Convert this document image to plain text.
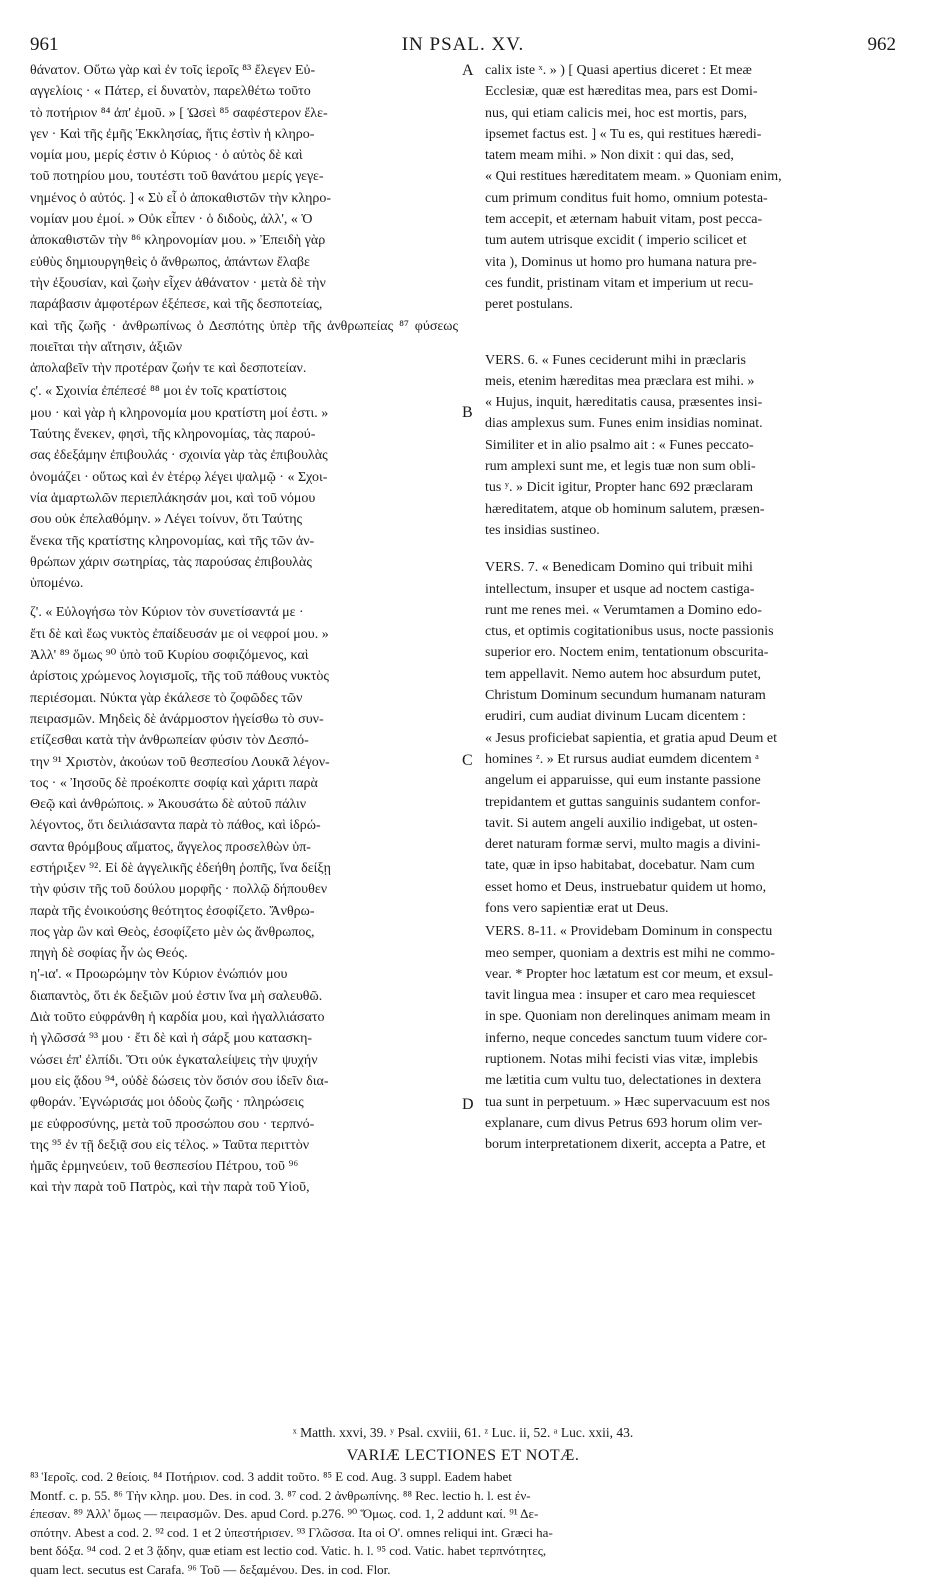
961	IN PSAL. XV.	962

θάνατον. Οὕτω γὰρ καὶ ἐν τοῖς ἱεροῖς ⁸³ ἔλεγεν Εὐ-
αγγελίοις · « Πάτερ, εἰ δυνατὸν, παρελθέτω τοῦτο
τὸ ποτήριον ⁸⁴ ἀπ' ἐμοῦ. » [ Ὡσεὶ ⁸⁵ σαφέστερον ἔλε-
γεν · Καὶ τῆς ἐμῆς Ἐκκλησίας, ἥτις ἐστὶν ἡ κληρο-
νομία μου, μερίς ἐστιν ὁ Κύριος · ὁ αὐτὸς δὲ καὶ
τοῦ ποτηρίου μου, τουτέστι τοῦ θανάτου μερίς γεγε-
νημένος ὁ αὐτός. ] « Σὺ εἶ ὁ ἀποκαθιστῶν τὴν κληρο-
νομίαν μου ἐμοί. » Οὐκ εἶπεν · ὁ διδοὺς, ἀλλ', « Ὁ
ἀποκαθιστῶν τὴν ⁸⁶ κληρονομίαν μου. » Ἐπειδὴ γὰρ
εὐθὺς δημιουργηθεὶς ὁ ἄνθρωπος, ἁπάντων ἔλαβε
τὴν ἐξουσίαν, καὶ ζωὴν εἶχεν ἀθάνατον · μετὰ δὲ τὴν
παράβασιν ἀμφοτέρων ἐξέπεσε, καὶ τῆς δεσποτείας,
καὶ τῆς ζωῆς · ἀνθρωπίνως ὁ Δεσπότης ὑπὲρ τῆς ἀνθρωπείας ⁸⁷ φύσεως ποιεῖται τὴν αἴτησιν, ἀξιῶν
ἀπολαβεῖν τὴν προτέραν ζωήν τε καὶ δεσποτείαν.

ς'. « Σχοινία ἐπέπεσέ ⁸⁸ μοι ἐν τοῖς κρατίστοις
μου · καὶ γὰρ ἡ κληρονομία μου κρατίστη μοί ἐστι. »
Ταύτης ἕνεκεν, φησὶ, τῆς κληρονομίας, τὰς παρού-
σας ἐδεξάμην ἐπιβουλάς · σχοινία γὰρ τὰς ἐπιβουλὰς
ὀνομάζει · οὕτως καὶ ἐν ἑτέρῳ λέγει ψαλμῷ · « Σχοι-
νία ἁμαρτωλῶν περιεπλάκησάν μοι, καὶ τοῦ νόμου
σου οὐκ ἐπελαθόμην. » Λέγει τοίνυν, ὅτι Ταύτης
ἕνεκα τῆς κρατίστης κληρονομίας, καὶ τῆς τῶν ἀν-
θρώπων χάριν σωτηρίας, τὰς παρούσας ἐπιβουλὰς
ὑπομένω.

ζ'. « Εὐλογήσω τὸν Κύριον τὸν συνετίσαντά με ·
ἔτι δὲ καὶ ἕως νυκτὸς ἐπαίδευσάν με οἱ νεφροί μου. »
Ἀλλ' ⁸⁹ ὅμως ⁹⁰ ὑπὸ τοῦ Κυρίου σοφιζόμενος, καὶ
ἀρίστοις χρώμενος λογισμοῖς, τῆς τοῦ πάθους νυκτὸς
περιέσομαι. Νύκτα γὰρ ἐκάλεσε τὸ ζοφῶδες τῶν
πειρασμῶν. Μηδεὶς δὲ ἀνάρμοστον ἡγείσθω τὸ συν-
ετίζεσθαι κατὰ τὴν ἀνθρωπείαν φύσιν τὸν Δεσπό-
την ⁹¹ Χριστὸν, ἀκούων τοῦ θεσπεσίου Λουκᾶ λέγον-
τος · « Ἰησοῦς δὲ προέκοπτε σοφίᾳ καὶ χάριτι παρὰ
Θεῷ καὶ ἀνθρώποις. » Ἀκουσάτω δὲ αὐτοῦ πάλιν
λέγοντος, ὅτι δειλιάσαντα παρὰ τὸ πάθος, καὶ ἱδρώ-
σαντα θρόμβους αἵματος, ἄγγελος προσελθὼν ὑπ-
εστήριξεν ⁹². Εἰ δὲ ἀγγελικῆς ἐδεήθη ῥοπῆς, ἵνα δείξῃ
τὴν φύσιν τῆς τοῦ δούλου μορφῆς · πολλῷ δήπουθεν
παρὰ τῆς ἐνοικούσης θεότητος ἐσοφίζετο. Ἄνθρω-
πος γὰρ ὢν καὶ Θεὸς, ἐσοφίζετο μὲν ὡς ἄνθρωπος,
πηγὴ δὲ σοφίας ἦν ὡς Θεός.

η'-ια'. « Προωρώμην τὸν Κύριον ἐνώπιόν μου
διαπαντὸς, ὅτι ἐκ δεξιῶν μού ἐστιν ἵνα μὴ σαλευθῶ.
Διὰ τοῦτο εὐφράνθη ἡ καρδία μου, καὶ ἠγαλλιάσατο
ἡ γλῶσσά ⁹³ μου · ἔτι δὲ καὶ ἡ σάρξ μου κατασκη-
νώσει ἐπ' ἐλπίδι. Ὅτι οὐκ ἐγκαταλείψεις τὴν ψυχήν
μου εἰς ᾅδου ⁹⁴, οὐδὲ δώσεις τὸν ὅσιόν σου ἰδεῖν δια-
φθοράν. Ἐγνώρισάς μοι ὁδοὺς ζωῆς · πληρώσεις
με εὐφροσύνης, μετὰ τοῦ προσώπου σου · τερπνό-
της ⁹⁵ ἐν τῇ δεξιᾷ σου εἰς τέλος. » Ταῦτα περιττὸν
ἡμᾶς ἑρμηνεύειν, τοῦ θεσπεσίου Πέτρου, τοῦ ⁹⁶
καὶ τὴν παρὰ τοῦ Πατρὸς, καὶ τὴν παρὰ τοῦ Υἱοῦ,

calix iste ˣ. » ) [ Quasi apertius diceret : Et meæ
Ecclesiæ, quæ est hæreditas mea, pars est Domi-
nus, qui etiam calicis mei, hoc est mortis, pars,
ipsemet factus est. ] « Tu es, qui restitues hæredi-
tatem meam mihi. » Non dixit : qui das, sed,
« Qui restitues hæreditatem meam. » Quoniam enim,
cum primum conditus fuit homo, omnium potesta-
tem accepit, et æternam habuit vitam, post pecca-
tum autem utrisque excidit ( imperio scilicet et
vita ), Dominus ut homo pro humana natura pre-
ces fundit, pristinam vitam et imperium ut recu-
peret postulans.

VERS. 6. « Funes ceciderunt mihi in præclaris
meis, etenim hæreditas mea præclara est mihi. »
« Hujus, inquit, hæreditatis causa, præsentes insi-
dias amplexus sum. Funes enim insidias nominat.
Similiter et in alio psalmo ait : « Funes peccato-
rum amplexi sunt me, et legis tuæ non sum obli-
tus ʸ. » Dicit igitur, Propter hanc 692 præclaram
hæreditatem, atque ob hominum salutem, præsen-
tes insidias sustineo.

VERS. 7. « Benedicam Domino qui tribuit mihi
intellectum, insuper et usque ad noctem castiga-
runt me renes mei. « Verumtamen a Domino edo-
ctus, et optimis cogitationibus usus, nocte passionis
superior ero. Noctem enim, tentationum obscurita-
tem appellavit. Nemo autem hoc absurdum putet,
Christum Dominum secundum humanam naturam
erudiri, cum audiat divinum Lucam dicentem :
« Jesus proficiebat sapientia, et gratia apud Deum et
homines ᶻ. » Et rursus audiat eumdem dicentem ᵃ
angelum ei apparuisse, qui eum instante passione
trepidantem et guttas sanguinis sudantem confor-
tavit. Si autem angeli auxilio indigebat, ut osten-
deret naturam formæ servi, multo magis a divini-
tate, quæ in ipso habitabat, docebatur. Nam cum
esset homo et Deus, instruebatur quidem ut homo,
fons vero sapientiæ erat ut Deus.

VERS. 8-11. « Providebam Dominum in conspectu
meo semper, quoniam a dextris est mihi ne commo-
vear. * Propter hoc lætatum est cor meum, et exsul-
tavit lingua mea : insuper et caro mea requiescet
in spe. Quoniam non derelinques animam meam in
inferno, neque concedes sanctum tuum videre cor-
ruptionem. Notas mihi fecisti vias vitæ, implebis
me lætitia cum vultu tuo, delectationes in dextera
tua sunt in perpetuum. » Hæc supervacuum est nos
explanare, cum divus Petrus 693 horum olim ver-
borum interpretationem dixerit, accepta a Patre, et

A
B
C
D
ˣ Matth. xxvi, 39. ʸ Psal. cxviii, 61. ᶻ Luc. ii, 52. ᵃ Luc. xxii, 43.
VARIÆ LECTIONES ET NOTÆ.
⁸³ Ἱεροῖς. cod. 2 θείοις. ⁸⁴ Ποτήριον. cod. 3 addit τοῦτο. ⁸⁵ E cod. Aug. 3 suppl. Eadem habet
Montf. c. p. 55. ⁸⁶ Τὴν κληρ. μου. Des. in cod. 3. ⁸⁷ cod. 2 ἀνθρωπίνης. ⁸⁸ Rec. lectio h. l. est ἐν-
έπεσαν. ⁸⁹ Ἀλλ' ὅμως — πειρασμῶν. Des. apud Cord. p.276. ⁹⁰ Ὅμως. cod. 1, 2 addunt καί. ⁹¹ Δε-
σπότην. Abest a cod. 2. ⁹² cod. 1 et 2 ὑπεστήρισεν. ⁹³ Γλῶσσα. Ita οἱ Ο'. omnes reliqui int. Græci ha-
bent δόξα. ⁹⁴ cod. 2 et 3 ᾅδην, quæ etiam est lectio cod. Vatic. h. l. ⁹⁵ cod. Vatic. habet τερπνότητες,
quam lect. secutus est Carafa. ⁹⁶ Τοῦ — δεξαμένου. Des. in cod. Flor.
